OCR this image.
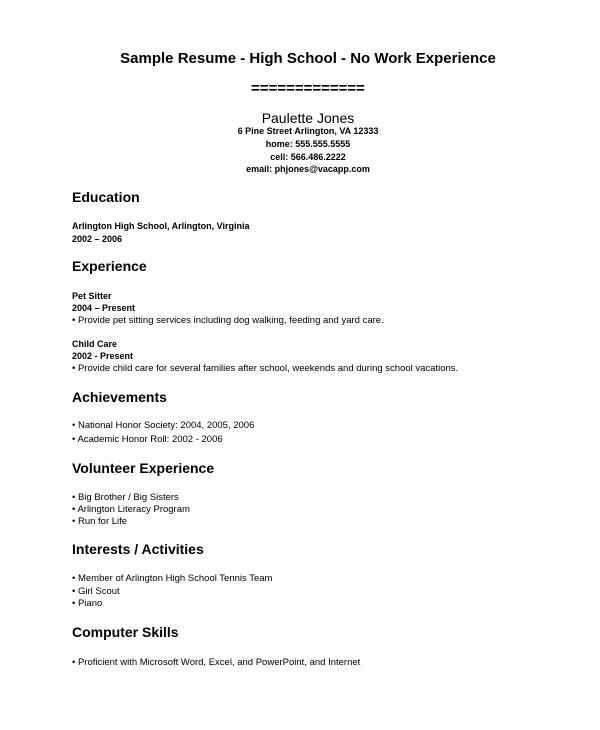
Sample Resume - High School - No Work Experience
=============
Paulette Jones
6 Pine Street Arlington, VA 12333
home: 555.555.5555
cell: 566.486.2222
email: phjones@vacapp.com
Education
Arlington High School, Arlington, Virginia
2002 – 2006
Experience
Pet Sitter
2004 – Present
• Provide pet sitting services including dog walking, feeding and yard care.
Child Care
2002 - Present
• Provide child care for several families after school, weekends and during school vacations.
Achievements
• National Honor Society: 2004, 2005, 2006
• Academic Honor Roll: 2002 - 2006
Volunteer Experience
• Big Brother / Big Sisters
• Arlington Literacy Program
• Run for Life
Interests / Activities
• Member of Arlington High School Tennis Team
• Girl Scout
• Piano
Computer Skills
• Proficient with Microsoft Word, Excel, and PowerPoint, and Internet
